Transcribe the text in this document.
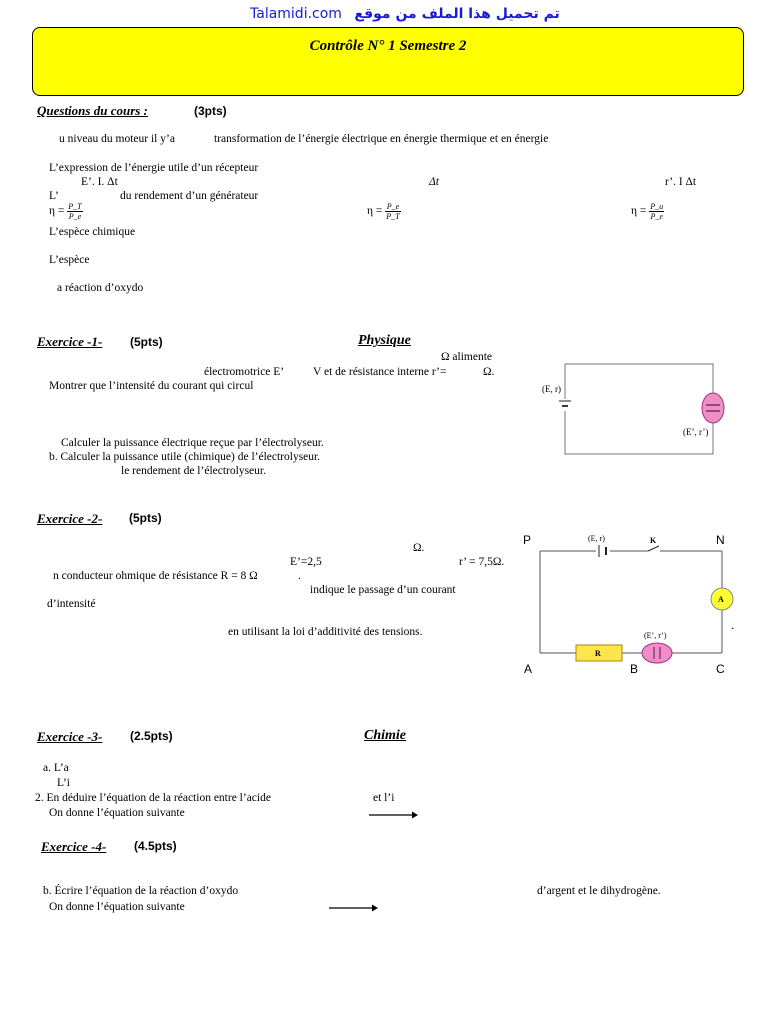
Talamidi.com تم تحميل هذا الملف من موقع
Contrôle N° 1 Semestre 2
Questions du cours :	(3pts)
u niveau du moteur il y’a	transformation de l’énergie électrique en énergie thermique et en énergie
L’expression de l’énergie utile d’un récepteur
E’. I. Δt	Δt	r’. I Δt
L’	du rendement d’un générateur
$\eta = \frac{P\_T}{P\_e}$	$\eta = \frac{P\_e}{P\_T}$	$\eta = \frac{P\_u}{P\_e}$
L’espèce chimique
L’espèce
a réaction d’oxydo
Exercice -1- (5pts)	Physique
Ω alimente
électromotrice E’	V et de résistance interne r’=	Ω.
Montrer que l’intensité du courant qui circul
Calculer la puissance électrique reçue par l’électrolyseur.
b. Calculer la puissance utile (chimique) de l’électrolyseur.
le rendement de l’électrolyseur.
(E, r)
(E’, r’)
Exercice -2- (5pts)
Ω.
E’=2,5	r’ = 7,5Ω.
n conducteur ohmique de résistance R = 8 Ω	.
indique le passage d’un courant
d’intensité
en utilisant la loi d’additivité des tensions.
P	N
A	B	C
.
(E, r)	K
A
R
(E’, r’)
Exercice -3- (2.5pts)	Chimie
a. L’a
L’i
2. En déduire l’équation de la réaction entre l’acide	et l’i
On donne l’équation suivante
Exercice -4- (4.5pts)
b. Écrire l’équation de la réaction d’oxydo	d’argent et le dihydrogène.
On donne l’équation suivante
